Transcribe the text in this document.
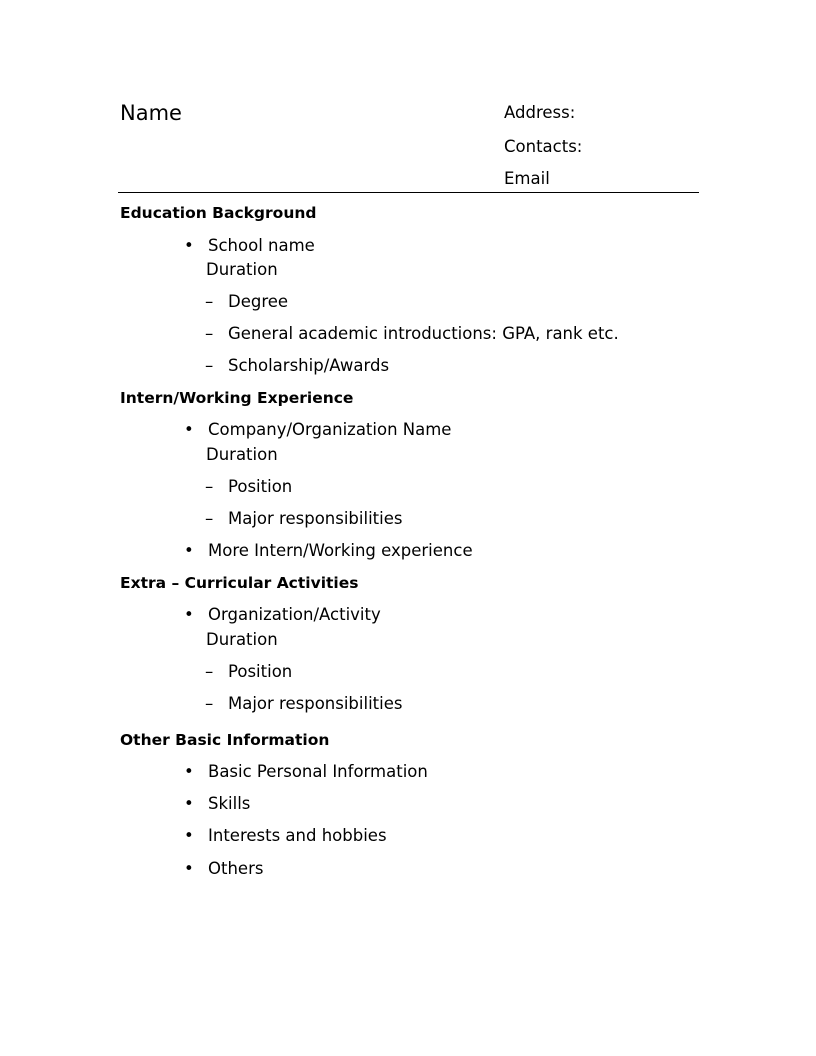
Name	Address:
Contacts:
Email
Education Background
• School name
Duration
– Degree
– General academic introductions: GPA, rank etc.
– Scholarship/Awards
Intern/Working Experience
• Company/Organization Name
Duration
– Position
– Major responsibilities
• More Intern/Working experience
Extra – Curricular Activities
• Organization/Activity
Duration
– Position
– Major responsibilities
Other Basic Information
• Basic Personal Information
• Skills
• Interests and hobbies
• Others
